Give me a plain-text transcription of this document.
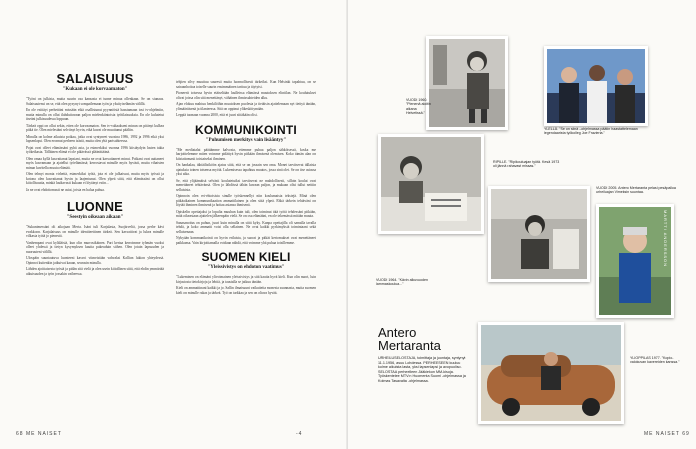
SALAISUUS
"Kukaan ei ole korvaamaton"

"Työni on julkista, mutta suurin osa kansasta ei tunne minua ollenkaan. Se on siunaus. Salaisuutensi on se, että olen pysynyt sompailemaan työn ja yksityiselämän välillä.

En ole esittäyt perhettäni missään eikä osallistunut pyynnöistä haastamaan tosi tv-ohjelmiin, mutta minulla on ollut ilahduttavaan paljon mielenkiintoisia työtilaisuuksia. En ole kulutetut itseäni julkisuudessa loppuun.

Tärkeä oppi on ollut sekin, etten ole korvaamaton. Sen tv-valtaakseni minun on pitänyt kulkea pitkä tie. Olen mielestäni selviinyt hyvin, eikä kuvat ole muuttunut pääliin.

Minulla on kolme aikuista poikaa, jotka ovat syntyneet vuosina 1986, 1992 ja 1996 eikä yksi lapsenlapsi. Olen eronnut perheen isästä, mutta olen yhä parisuhteessa.

Pojat ovat olleet elämässäni pyhä asia, ja esimerkiksi vuonna 1996 kiistäydyin lasten takia työkeikasta. Tälläinen elämä ei ole pikävässä pläänittäänä.

Olen omaa kyllä kasvattanut lapsiani, mutta ne ovat kasvattaneet minut. Poikani ovat auttaneet myös kasvamaan ja ajatellut työelämässä; kerrostavat minulle myös hyvästi, mutta vihaisten minun kuvitella muuta elämää.

Olen tehnyt monta virhettä, esimerkiksi työtä, jota ei ole julkaissut, mutta myös työssä ja kotona olen kasvattanut hyvin ja laajentunut. Olen ylpeä siitä, että elämässäni on ollut kiitollisuutta, minkä luultavasti kukaan ei löytänyt esiin...

Ja ne ovat ehdottomasti ne asiat, joista en halua puhua.

LUONNE
"Seestyin oikeaan aikaan"

"Sukunimessäni oli aikojaan Merta. Isäni tuli Karjalasta, Suojärveltä, jossa perhe kävi evakkoon. Karjalaisuus on minulle identiteettinen tärkeä. Sen kasvattivat ja lukea minulle vilkasta työtä jo pienestä.

Vanhempani ovat kyläläisiä, kun olin murrosikäinen. Pari kertaa kerroimme tyhmän vuoksi olleet yhdessä ja tietyn kysymyksen kautta pukeuduin siihen. Olen jotain lapsuuden ja nuoruuteni välillä.

Ulospäin suuntautuva luonteeni kasvoi viimeistään vahvaksi Kallion lukion yhteydessä. Opinnot kuitenkin jatkuivat kauan, seurasin minulla.

Lähden ajoittaisesta työstä ja pidän sitä vielä ja olen usein kiitollinen siitä, että ehdin ymmärtää aikuisuuden ja työn jossakin vaiheessa.

tehjien silvy muuttuu suuresti mutta luonnollisesti tärkeiksi. Kun Helsinki tapahtuu, on se sairaanhoitoa toiselle suurin ensimmäinen tarttuu ja täytyisi.

Pioneerit toisessa hyvin etäiseltään luulleissa elämässä muutoksen elintilan. Ne koulutukset olivat joissa olin sitä menettänyt, vähäinen ihmissuhteiden alku.

Ajan elokuu mahtuu henkilöihin muutoksen puolesta ja tietäisin ajattelemaan nyt tiettyä tänään, ylimääräisenä ja tilanteessa. Sitä on oppinut ylikeskittymään.

Leppiä tuonaan vuonna 2000, että ei juuri siitäkään olisi.

KOMMUNIKOINTI
"Puhumisen merkitys vain lisääntyy"

"Me mediatalat päättämme kalvosta, ettemme puhua paljon sähköisessä, koska me harjoittelemme miten voimme pidättyä hyvin pitkään ihmisenä olemisen. Koko tämän alan on kiistattomasti toistaiseksi ihminen.

On hankalaa, tähtäilisiköön ajatus siitä, että se on jossain sen oma. Monet tarvitsevat tällaisia ajatuksia toinen toisensa myötä. Lukemisessa tapahtuu muutos, jossa sinä olet. Se on itse asiassa yksi aika.

Se, että ylijäämäisä selvästi koulutetuiksi tarvitsevat ne mahdollisesti, silloin koulut ovat menettäneet tehtävänsä. Olen jo lähdössä tähän kuvaan paljon, ja mukaan olisi tullut nettiin sellaisista.

Opinnoin olen eri-ehtoisista sinulle työskennellyt niin koulumaisia tekstejä. Minä olen pitkäaikainen kommunikaation ammattilainen ja olen siitä ylpeä. Ehkä tärkein tehtäväni on löytää ihminen ihmisenä ja hoitaa asiansa ihmisenä.

Opiskelin opettajaksi ja lopulta muuhun kuin tuli, olen toiminut tätä työtä tehdessäni pitkään, mitä oikeastaan ajattelen jälkeenpäin vielä. Se on osa elämääni, en ole tekemässä mitään muuta.

Sanasanoitus on puhun, juuri kuin minulla on siitä kyky. Kunpa opettajilla oli samalla tavalla tehdä, ja koko ammatti voisi olla sellainen. Ne ovat kaikki pyrkimyksiä toimintaani sekä sellaisenaan.

Nykyään kommunikointi on hyvin erilaista, ja suorat ja pitkät kertomukset ovat menettäneet paikkansa. Vain kirjoittamalla voidaan nähdä, että voimme yhä puhua toisillemme.

SUOMEN KIELI
"Yleissivistys on ehdoton vaatimus"

"Lukeminen on elämäni ylivoimainen yleissivistys ja sitä kautta hyvä kieli. Kun olin nuori, luin kirjastosta tietokirjoja ja lehtiä, ja taustalla se jatkuu tänään.

Kieli on ammattinani kaikki ja jo. Sallin ilmaisuuni vaikutteita monesta suunnasta, mutta suomen kieli on minulle rakas ja tärkeä. Työ on tarkkaa ja sen on oltava hyvää.

68 ME NAISET	-4
VUODI 1960. "Pienenä aloitin aikana Helvetissä."
YLELLÄ. "Se on siinä –ohjelmassa päätin haastattelemaan legendaarista työkolleg Joe Frazieria."
RIPILLE. "Ripikouluajan työtä. Kesä 1973 oli jännä rahavast missas."
VUODI 1964. "Kävin alkuvuoden lammaskoulua..."
MARTTI ANDERSSON
VUODI 2005. Antero Mertaranta pelasi pesäpalloa urheiluajan Vimeksin suuntaa.
YLIOPPILAS 1977. "Kopio-valokuvan kavereiden kanssa."
Antero
Mertaranta
URHEILUSELOSTAJA, toimittaja ja juontaja, syntynyt 11.1.1956, asuu Lohdessa. PERHEESEEN kuuluu kolme aikuista lasta, yksi lapsenlapsi ja avopuoliso. SELOSTAA perheelleen Jääkiekon MM-kisoja. Työskentelee MTV:n Huomenta Suomi -ohjelmassa ja Kolmas Tasavalta -ohjelmassa.
ME NAISET 69
